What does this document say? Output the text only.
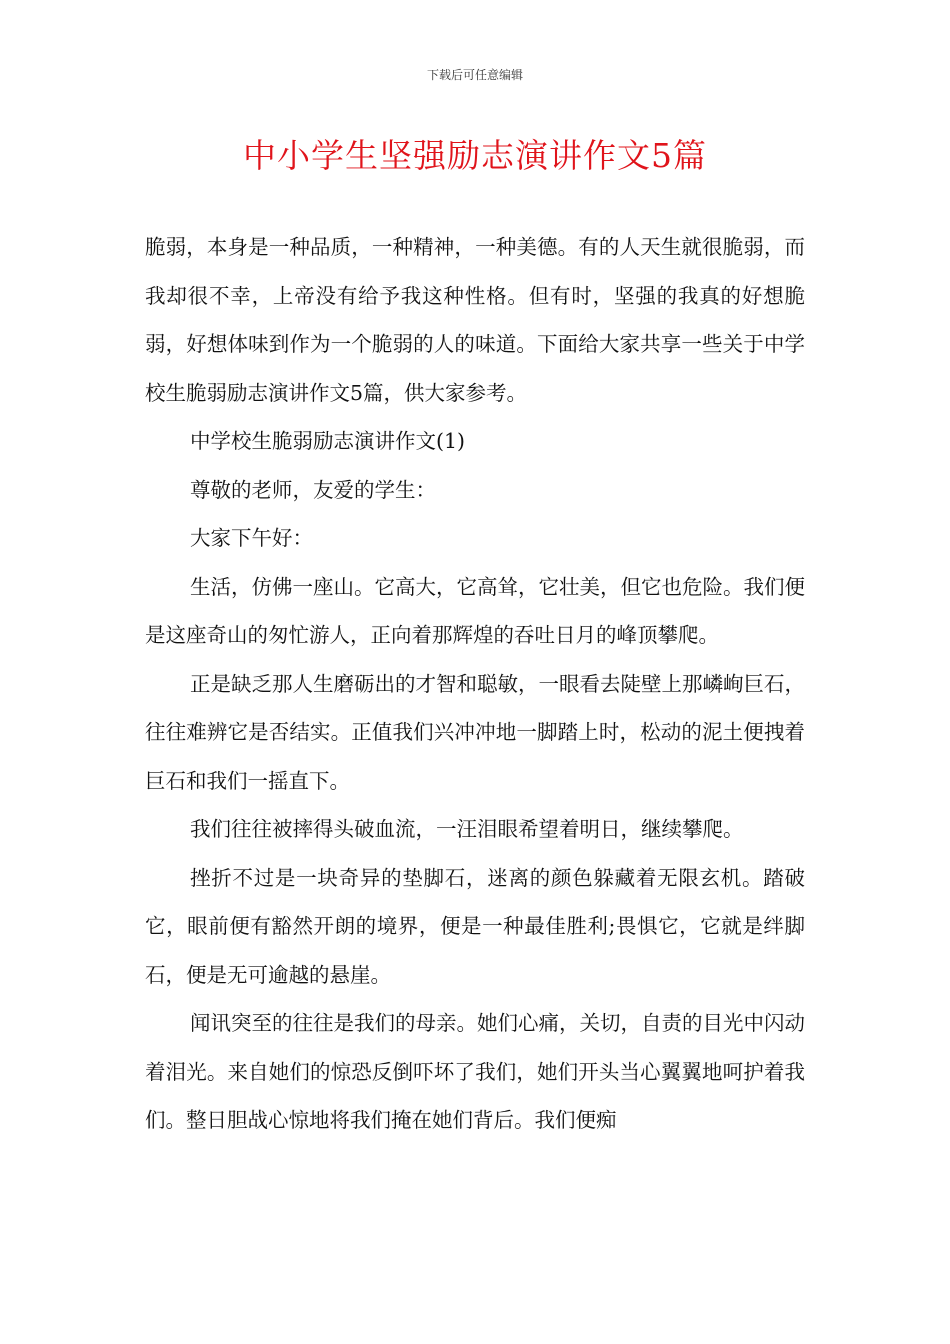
下载后可任意编辑
中小学生坚强励志演讲作文5篇

脆弱，本身是一种品质，一种精神，一种美德。有的人天生就很脆弱，而我却很不幸，上帝没有给予我这种性格。但有时，坚强的我真的好想脆弱，好想体味到作为一个脆弱的人的味道。下面给大家共享一些关于中学校生脆弱励志演讲作文5篇，供大家参考。

中学校生脆弱励志演讲作文(1)

尊敬的老师，友爱的学生：

大家下午好：

生活，仿佛一座山。它高大，它高耸，它壮美，但它也危险。我们便是这座奇山的匆忙游人，正向着那辉煌的吞吐日月的峰顶攀爬。

正是缺乏那人生磨砺出的才智和聪敏，一眼看去陡壁上那嶙峋巨石，往往难辨它是否结实。正值我们兴冲冲地一脚踏上时，松动的泥土便拽着巨石和我们一摇直下。

我们往往被摔得头破血流，一汪泪眼希望着明日，继续攀爬。

挫折不过是一块奇异的垫脚石，迷离的颜色躲藏着无限玄机。踏破它，眼前便有豁然开朗的境界，便是一种最佳胜利;畏惧它，它就是绊脚石，便是无可逾越的悬崖。

闻讯突至的往往是我们的母亲。她们心痛，关切，自责的目光中闪动着泪光。来自她们的惊恐反倒吓坏了我们，她们开头当心翼翼地呵护着我们。整日胆战心惊地将我们掩在她们背后。我们便痴
